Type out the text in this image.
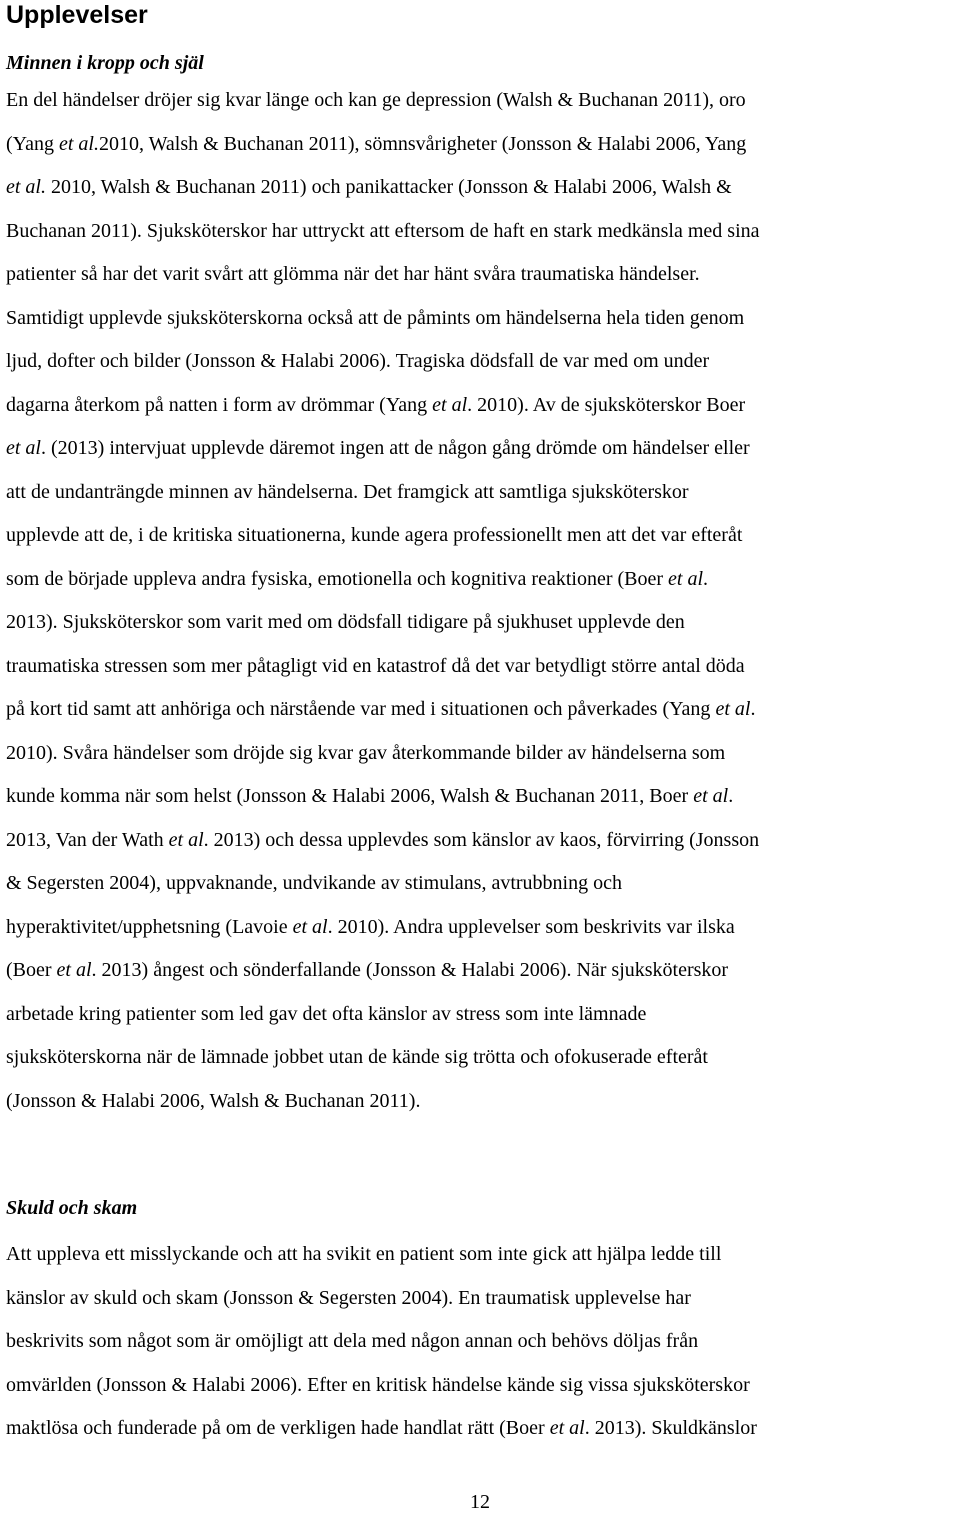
Upplevelser
Minnen i kropp och själ
En del händelser dröjer sig kvar länge och kan ge depression (Walsh & Buchanan 2011), oro
(Yang et al.2010, Walsh & Buchanan 2011), sömnsvårigheter (Jonsson & Halabi 2006, Yang
et al. 2010, Walsh & Buchanan 2011) och panikattacker (Jonsson & Halabi 2006, Walsh &
Buchanan 2011). Sjuksköterskor har uttryckt att eftersom de haft en stark medkänsla med sina
patienter så har det varit svårt att glömma när det har hänt svåra traumatiska händelser.
Samtidigt upplevde sjuksköterskorna också att de påmints om händelserna hela tiden genom
ljud, dofter och bilder (Jonsson & Halabi 2006). Tragiska dödsfall de var med om under
dagarna återkom på natten i form av drömmar (Yang et al. 2010). Av de sjuksköterskor Boer
et al. (2013) intervjuat upplevde däremot ingen att de någon gång drömde om händelser eller
att de undanträngde minnen av händelserna. Det framgick att samtliga sjuksköterskor
upplevde att de, i de kritiska situationerna, kunde agera professionellt men att det var efteråt
som de började uppleva andra fysiska, emotionella och kognitiva reaktioner (Boer et al.
2013). Sjuksköterskor som varit med om dödsfall tidigare på sjukhuset upplevde den
traumatiska stressen som mer påtagligt vid en katastrof då det var betydligt större antal döda
på kort tid samt att anhöriga och närstående var med i situationen och påverkades (Yang et al.
2010). Svåra händelser som dröjde sig kvar gav återkommande bilder av händelserna som
kunde komma när som helst (Jonsson & Halabi 2006, Walsh & Buchanan 2011, Boer et al.
2013, Van der Wath et al. 2013) och dessa upplevdes som känslor av kaos, förvirring (Jonsson
& Segersten 2004), uppvaknande, undvikande av stimulans, avtrubbning och
hyperaktivitet/upphetsning (Lavoie et al. 2010). Andra upplevelser som beskrivits var ilska
(Boer et al. 2013) ångest och sönderfallande (Jonsson & Halabi 2006). När sjuksköterskor
arbetade kring patienter som led gav det ofta känslor av stress som inte lämnade
sjuksköterskorna när de lämnade jobbet utan de kände sig trötta och ofokuserade efteråt
(Jonsson & Halabi 2006, Walsh & Buchanan 2011).
Skuld och skam
Att uppleva ett misslyckande och att ha svikit en patient som inte gick att hjälpa ledde till
känslor av skuld och skam (Jonsson & Segersten 2004). En traumatisk upplevelse har
beskrivits som något som är omöjligt att dela med någon annan och behövs döljas från
omvärlden (Jonsson & Halabi 2006). Efter en kritisk händelse kände sig vissa sjuksköterskor
maktlösa och funderade på om de verkligen hade handlat rätt (Boer et al. 2013). Skuldkänslor
12
